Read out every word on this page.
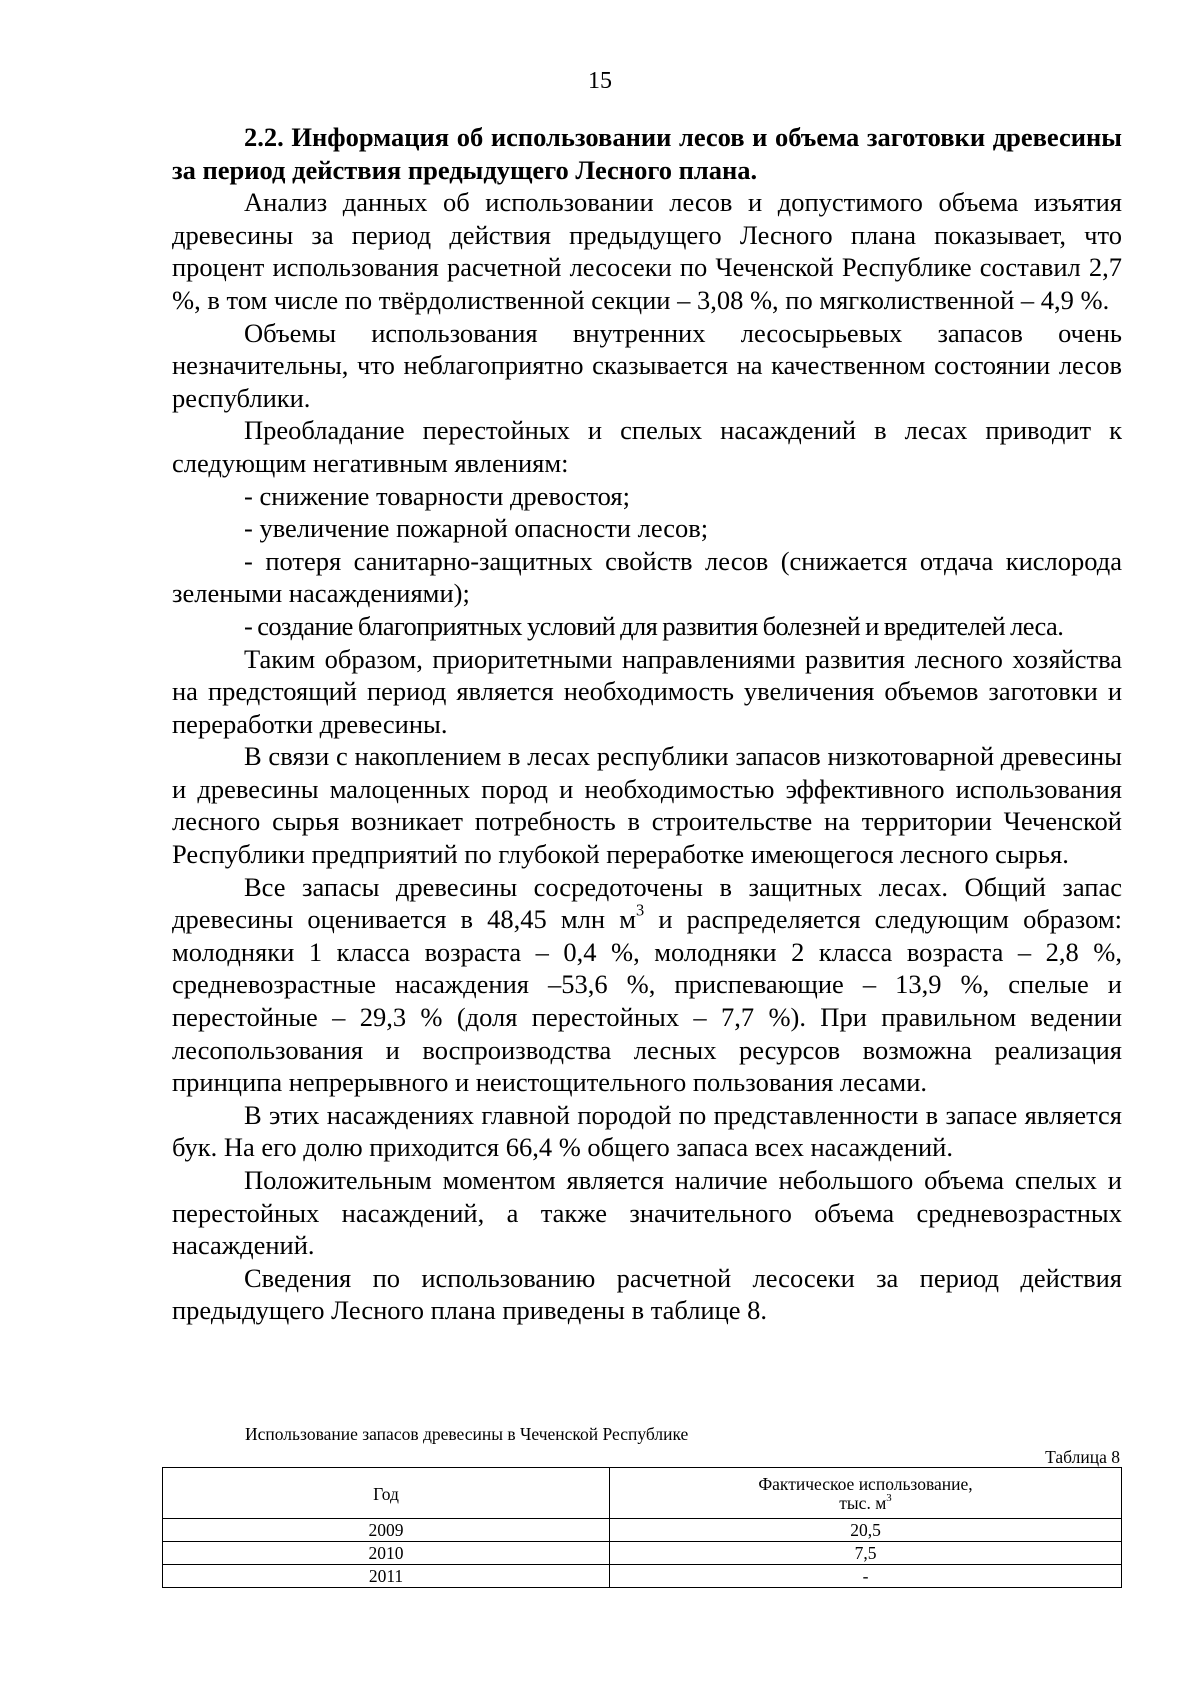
15
2.2. Информация об использовании лесов и объема заготовки древесины за период действия предыдущего Лесного плана.

Анализ данных об использовании лесов и допустимого объема изъятия древесины за период действия предыдущего Лесного плана показывает, что процент использования расчетной лесосеки по Чеченской Республике составил 2,7 %, в том числе по твёрдолиственной секции – 3,08 %, по мягколиственной – 4,9 %.

Объемы использования внутренних лесосырьевых запасов очень незначительны, что неблагоприятно сказывается на качественном состоянии лесов республики.

Преобладание перестойных и спелых насаждений в лесах приводит к следующим негативным явлениям:

- снижение товарности древостоя;

- увеличение пожарной опасности лесов;

- потеря санитарно-защитных свойств лесов (снижается отдача кислорода зелеными насаждениями);

- создание благоприятных условий для развития болезней и вредителей леса.

Таким образом, приоритетными направлениями развития лесного хозяйства на предстоящий период является необходимость увеличения объемов заготовки и переработки древесины.

В связи с накоплением в лесах республики запасов низкотоварной древесины и древесины малоценных пород и необходимостью эффективного использования лесного сырья возникает потребность в строительстве на территории Чеченской Республики предприятий по глубокой переработке имеющегося лесного сырья.

Все запасы древесины сосредоточены в защитных лесах. Общий запас древесины оценивается в 48,45 млн $м^3$ и распределяется следующим образом: молодняки 1 класса возраста – 0,4 %, молодняки 2 класса возраста – 2,8 %, средневозрастные насаждения –53,6 %, приспевающие – 13,9 %, спелые и перестойные – 29,3 % (доля перестойных – 7,7 %). При правильном ведении лесопользования и воспроизводства лесных ресурсов возможна реализация принципа непрерывного и неистощительного пользования лесами.

В этих насаждениях главной породой по представленности в запасе является бук. На его долю приходится 66,4 % общего запаса всех насаждений.

Положительным моментом является наличие небольшого объема спелых и перестойных насаждений, а также значительного объема средневозрастных насаждений.

Сведения по использованию расчетной лесосеки за период действия предыдущего Лесного плана приведены в таблице 8.

Использование запасов древесины в Чеченской Республике
Таблица 8
Год	Фактическое использование,
тыс. $м^3$
2009	20,5
2010	7,5
2011	-
